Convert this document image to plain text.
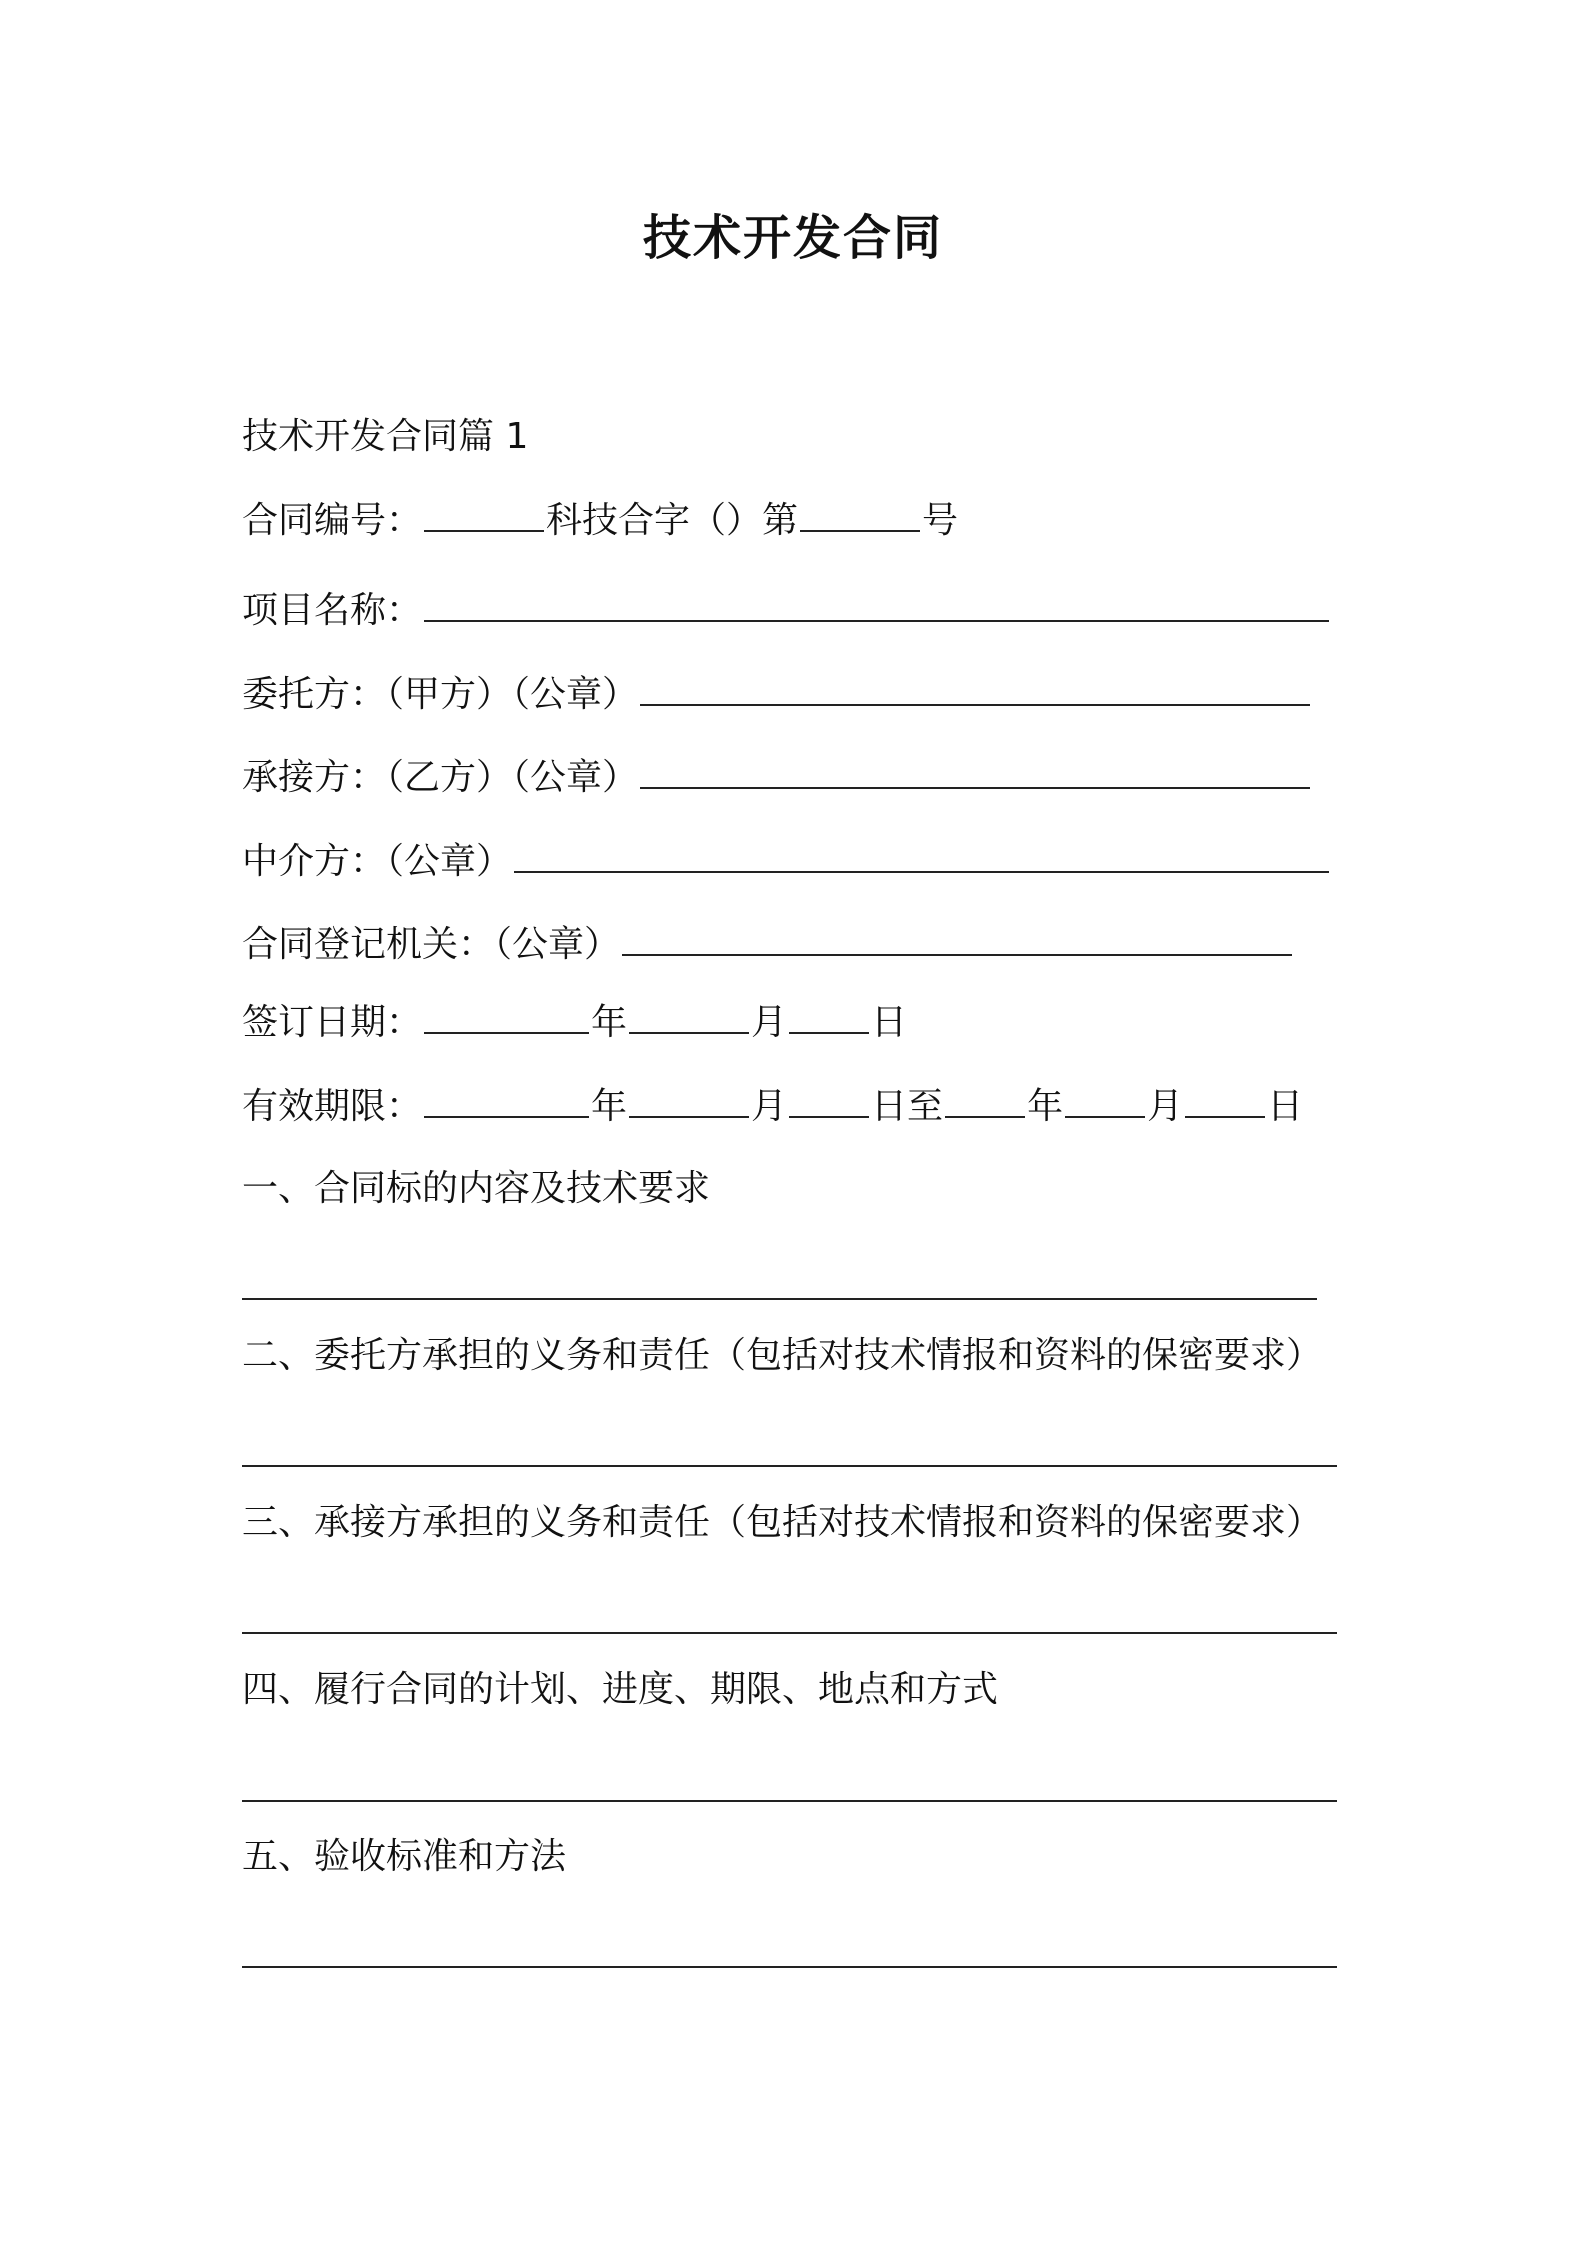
技术开发合同
技术开发合同篇 1
合同编号：	科技合字（）第	号
项目名称：
委托方：（甲方）（公章）
承接方：（乙方）（公章）
中介方：（公章）
合同登记机关：（公章）
签订日期：	年	月 日
有效期限：	年	月 日至 年 月 日
一、合同标的内容及技术要求
二、委托方承担的义务和责任（包括对技术情报和资料的保密要求）
三、承接方承担的义务和责任（包括对技术情报和资料的保密要求）
四、履行合同的计划、进度、期限、地点和方式
五、验收标准和方法
